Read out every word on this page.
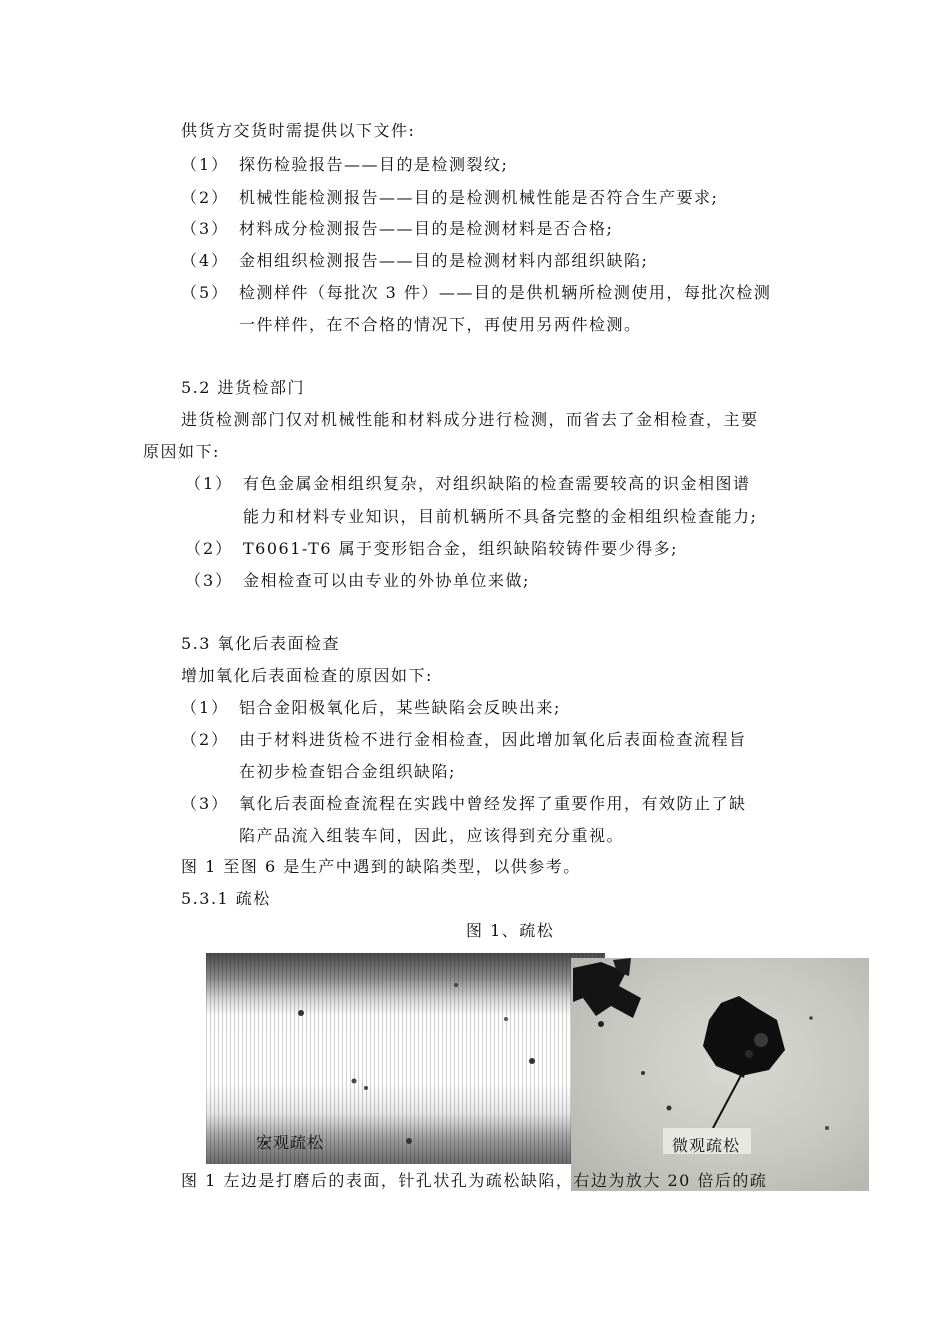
供货方交货时需提供以下文件:
（1） 探伤检验报告——目的是检测裂纹;
（2） 机械性能检测报告——目的是检测机械性能是否符合生产要求;
（3） 材料成分检测报告——目的是检测材料是否合格;
（4） 金相组织检测报告——目的是检测材料内部组织缺陷;
（5） 检测样件（每批次 3 件）——目的是供机辆所检测使用，每批次检测
一件样件，在不合格的情况下，再使用另两件检测。
5.2 进货检部门
进货检测部门仅对机械性能和材料成分进行检测，而省去了金相检查，主要
原因如下:
（1） 有色金属金相组织复杂，对组织缺陷的检查需要较高的识金相图谱
能力和材料专业知识，目前机辆所不具备完整的金相组织检查能力;
（2） T6061-T6 属于变形铝合金，组织缺陷较铸件要少得多;
（3） 金相检查可以由专业的外协单位来做;
5.3 氧化后表面检查
增加氧化后表面检查的原因如下:
（1） 铝合金阳极氧化后，某些缺陷会反映出来;
（2） 由于材料进货检不进行金相检查，因此增加氧化后表面检查流程旨
在初步检查铝合金组织缺陷;
（3） 氧化后表面检查流程在实践中曾经发挥了重要作用，有效防止了缺
陷产品流入组装车间，因此，应该得到充分重视。
图 1 至图 6 是生产中遇到的缺陷类型，以供参考。
5.3.1 疏松
图 1、疏松
宏观疏松	微观疏松
图 1 左边是打磨后的表面，针孔状孔为疏松缺陷，右边为放大 20 倍后的疏
